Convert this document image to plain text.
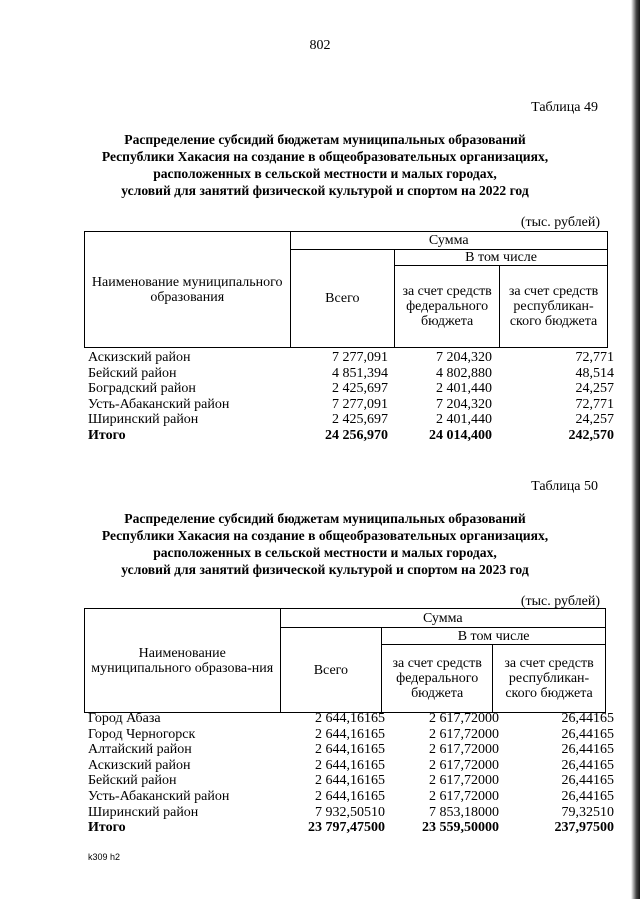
802
Таблица 49
Распределение субсидий бюджетам муниципальных образований
Республики Хакасия на создание в общеобразовательных организациях,
расположенных в сельской местности и малых городах,
условий для занятий физической культурой и спортом на 2022 год
(тыс. рублей)
Наименование муниципального образования	Сумма		
	Всего	В том числе	
		за счет средств федерального бюджета	за счет средств республикан-ского бюджета
Аскизский район	7 277,091	7 204,320	72,771
Бейский район	4 851,394	4 802,880	48,514
Боградский район	2 425,697	2 401,440	24,257
Усть-Абаканский район	7 277,091	7 204,320	72,771
Ширинский район	2 425,697	2 401,440	24,257
Итого	24 256,970	24 014,400	242,570
Таблица 50
Распределение субсидий бюджетам муниципальных образований
Республики Хакасия на создание в общеобразовательных организациях,
расположенных в сельской местности и малых городах,
условий для занятий физической культурой и спортом на 2023 год
(тыс. рублей)
Наименование муниципального образова-ния	Сумма		
	Всего	В том числе	
		за счет средств федерального бюджета	за счет средств республикан-ского бюджета
Город Абаза	2 644,16165	2 617,72000	26,44165
Город Черногорск	2 644,16165	2 617,72000	26,44165
Алтайский район	2 644,16165	2 617,72000	26,44165
Аскизский район	2 644,16165	2 617,72000	26,44165
Бейский район	2 644,16165	2 617,72000	26,44165
Усть-Абаканский район	2 644,16165	2 617,72000	26,44165
Ширинский район	7 932,50510	7 853,18000	79,32510
Итого	23 797,47500	23 559,50000	237,97500
k309 h2
